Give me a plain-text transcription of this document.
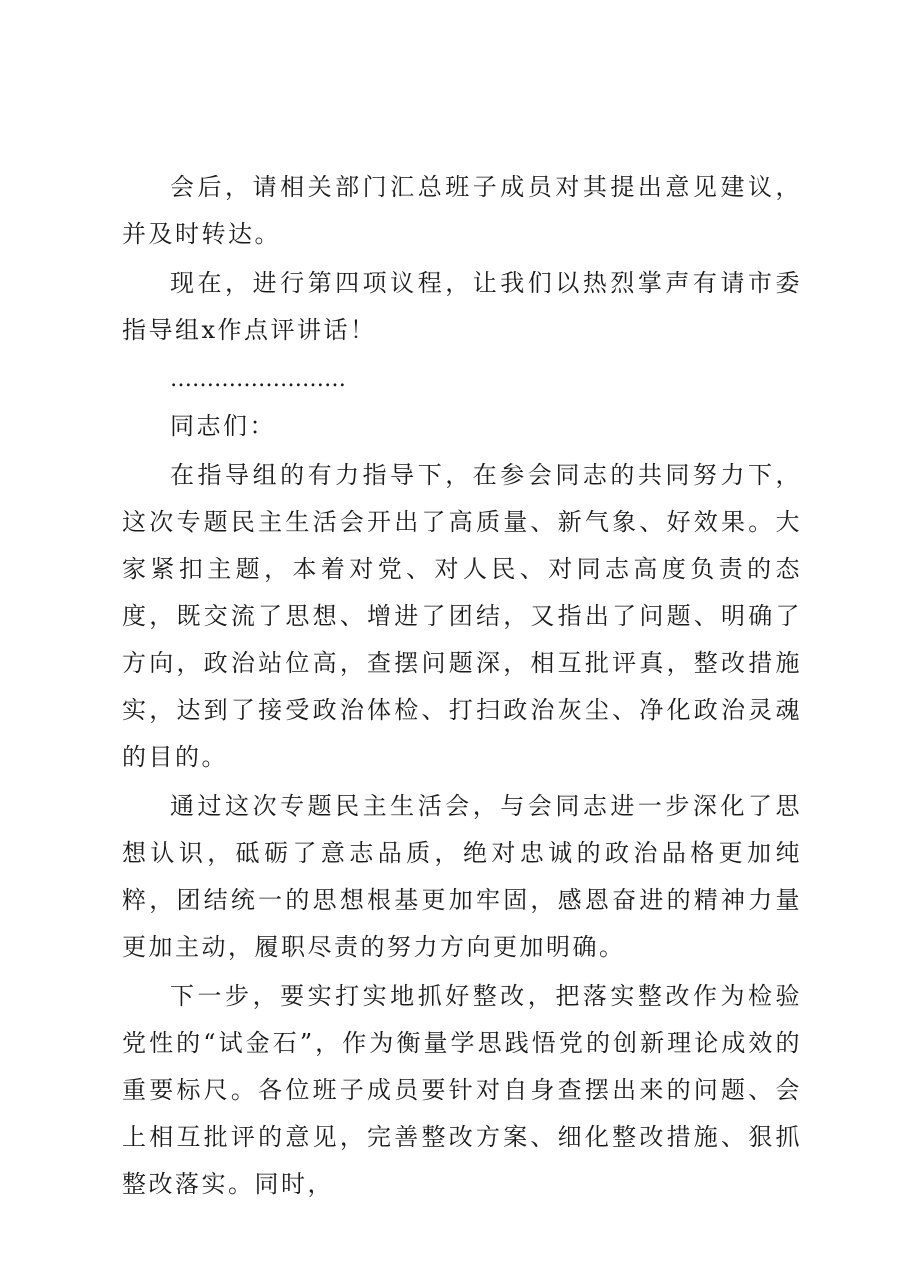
会后，请相关部门汇总班子成员对其提出意见建议，并及时转达。

现在，进行第四项议程，让我们以热烈掌声有请市委指导组x作点评讲话！

……………………

同志们：

在指导组的有力指导下，在参会同志的共同努力下，这次专题民主生活会开出了高质量、新气象、好效果。大家紧扣主题，本着对党、对人民、对同志高度负责的态度，既交流了思想、增进了团结，又指出了问题、明确了方向，政治站位高，查摆问题深，相互批评真，整改措施实，达到了接受政治体检、打扫政治灰尘、净化政治灵魂的目的。

通过这次专题民主生活会，与会同志进一步深化了思想认识，砥砺了意志品质，绝对忠诚的政治品格更加纯粹，团结统一的思想根基更加牢固，感恩奋进的精神力量更加主动，履职尽责的努力方向更加明确。

下一步，要实打实地抓好整改，把落实整改作为检验党性的“试金石”，作为衡量学思践悟党的创新理论成效的重要标尺。各位班子成员要针对自身查摆出来的问题、会上相互批评的意见，完善整改方案、细化整改措施、狠抓整改落实。同时，
